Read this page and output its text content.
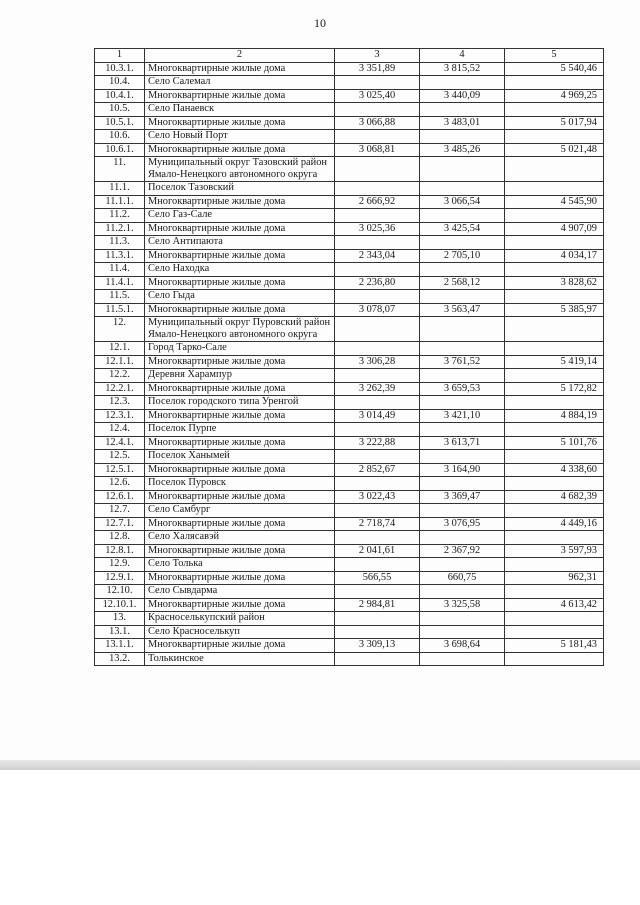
10
1	2	3	4	5
10.3.1.	Многоквартирные жилые дома	3 351,89	3 815,52	5 540,46
10.4.	Село Салемал			
10.4.1.	Многоквартирные жилые дома	3 025,40	3 440,09	4 969,25
10.5.	Село Панаевск			
10.5.1.	Многоквартирные жилые дома	3 066,88	3 483,01	5 017,94
10.6.	Село Новый Порт			
10.6.1.	Многоквартирные жилые дома	3 068,81	3 485,26	5 021,48
11.	Муниципальный округ Тазовский район Ямало-Ненецкого автономного округа			
11.1.	Поселок Тазовский			
11.1.1.	Многоквартирные жилые дома	2 666,92	3 066,54	4 545,90
11.2.	Село Газ-Сале			
11.2.1.	Многоквартирные жилые дома	3 025,36	3 425,54	4 907,09
11.3.	Село Антипаюта			
11.3.1.	Многоквартирные жилые дома	2 343,04	2 705,10	4 034,17
11.4.	Село Находка			
11.4.1.	Многоквартирные жилые дома	2 236,80	2 568,12	3 828,62
11.5.	Село Гыда			
11.5.1.	Многоквартирные жилые дома	3 078,07	3 563,47	5 385,97
12.	Муниципальный округ Пуровский район Ямало-Ненецкого автономного округа			
12.1.	Город Тарко-Сале			
12.1.1.	Многоквартирные жилые дома	3 306,28	3 761,52	5 419,14
12.2.	Деревня Харампур			
12.2.1.	Многоквартирные жилые дома	3 262,39	3 659,53	5 172,82
12.3.	Поселок городского типа Уренгой			
12.3.1.	Многоквартирные жилые дома	3 014,49	3 421,10	4 884,19
12.4.	Поселок Пурпе			
12.4.1.	Многоквартирные жилые дома	3 222,88	3 613,71	5 101,76
12.5.	Поселок Ханымей			
12.5.1.	Многоквартирные жилые дома	2 852,67	3 164,90	4 338,60
12.6.	Поселок Пуровск			
12.6.1.	Многоквартирные жилые дома	3 022,43	3 369,47	4 682,39
12.7.	Село Самбург			
12.7.1.	Многоквартирные жилые дома	2 718,74	3 076,95	4 449,16
12.8.	Село Халясавэй			
12.8.1.	Многоквартирные жилые дома	2 041,61	2 367,92	3 597,93
12.9.	Село Толька			
12.9.1.	Многоквартирные жилые дома	566,55	660,75	962,31
12.10.	Село Сывдарма			
12.10.1.	Многоквартирные жилые дома	2 984,81	3 325,58	4 613,42
13.	Красноселькупский район			
13.1.	Село Красноселькуп			
13.1.1.	Многоквартирные жилые дома	3 309,13	3 698,64	5 181,43
13.2.	Толькинское			
